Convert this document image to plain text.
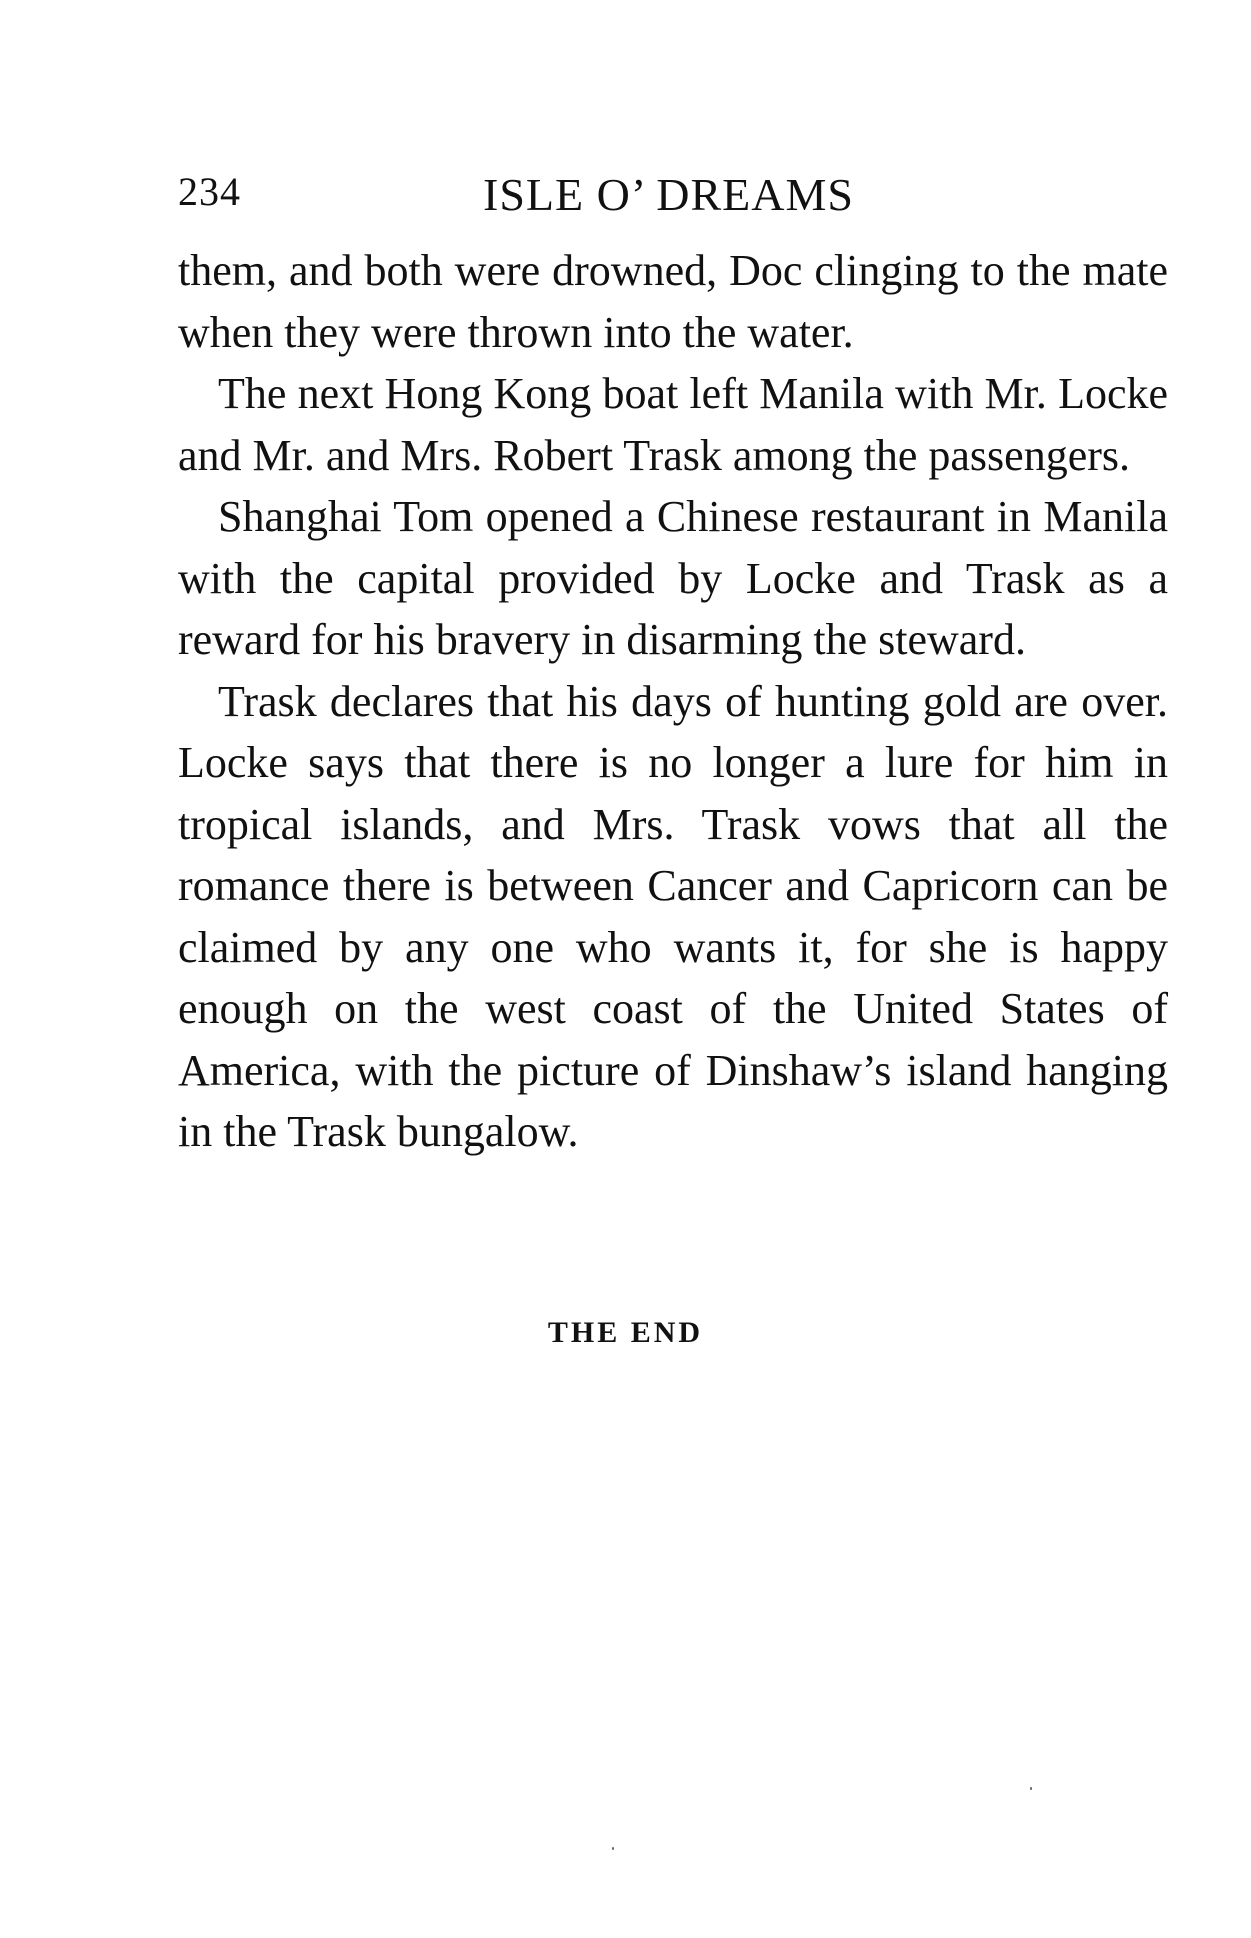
234	ISLE O’ DREAMS

them, and both were drowned, Doc clinging to the mate when they were thrown into the water.

The next Hong Kong boat left Manila with Mr. Locke and Mr. and Mrs. Robert Trask among the passengers.

Shanghai Tom opened a Chinese restaurant in Manila with the capital provided by Locke and Trask as a reward for his bravery in disarming the steward.

Trask declares that his days of hunting gold are over. Locke says that there is no longer a lure for him in tropical islands, and Mrs. Trask vows that all the romance there is between Cancer and Capricorn can be claimed by any one who wants it, for she is happy enough on the west coast of the United States of America, with the picture of Dinshaw’s island hanging in the Trask bungalow.

THE END
